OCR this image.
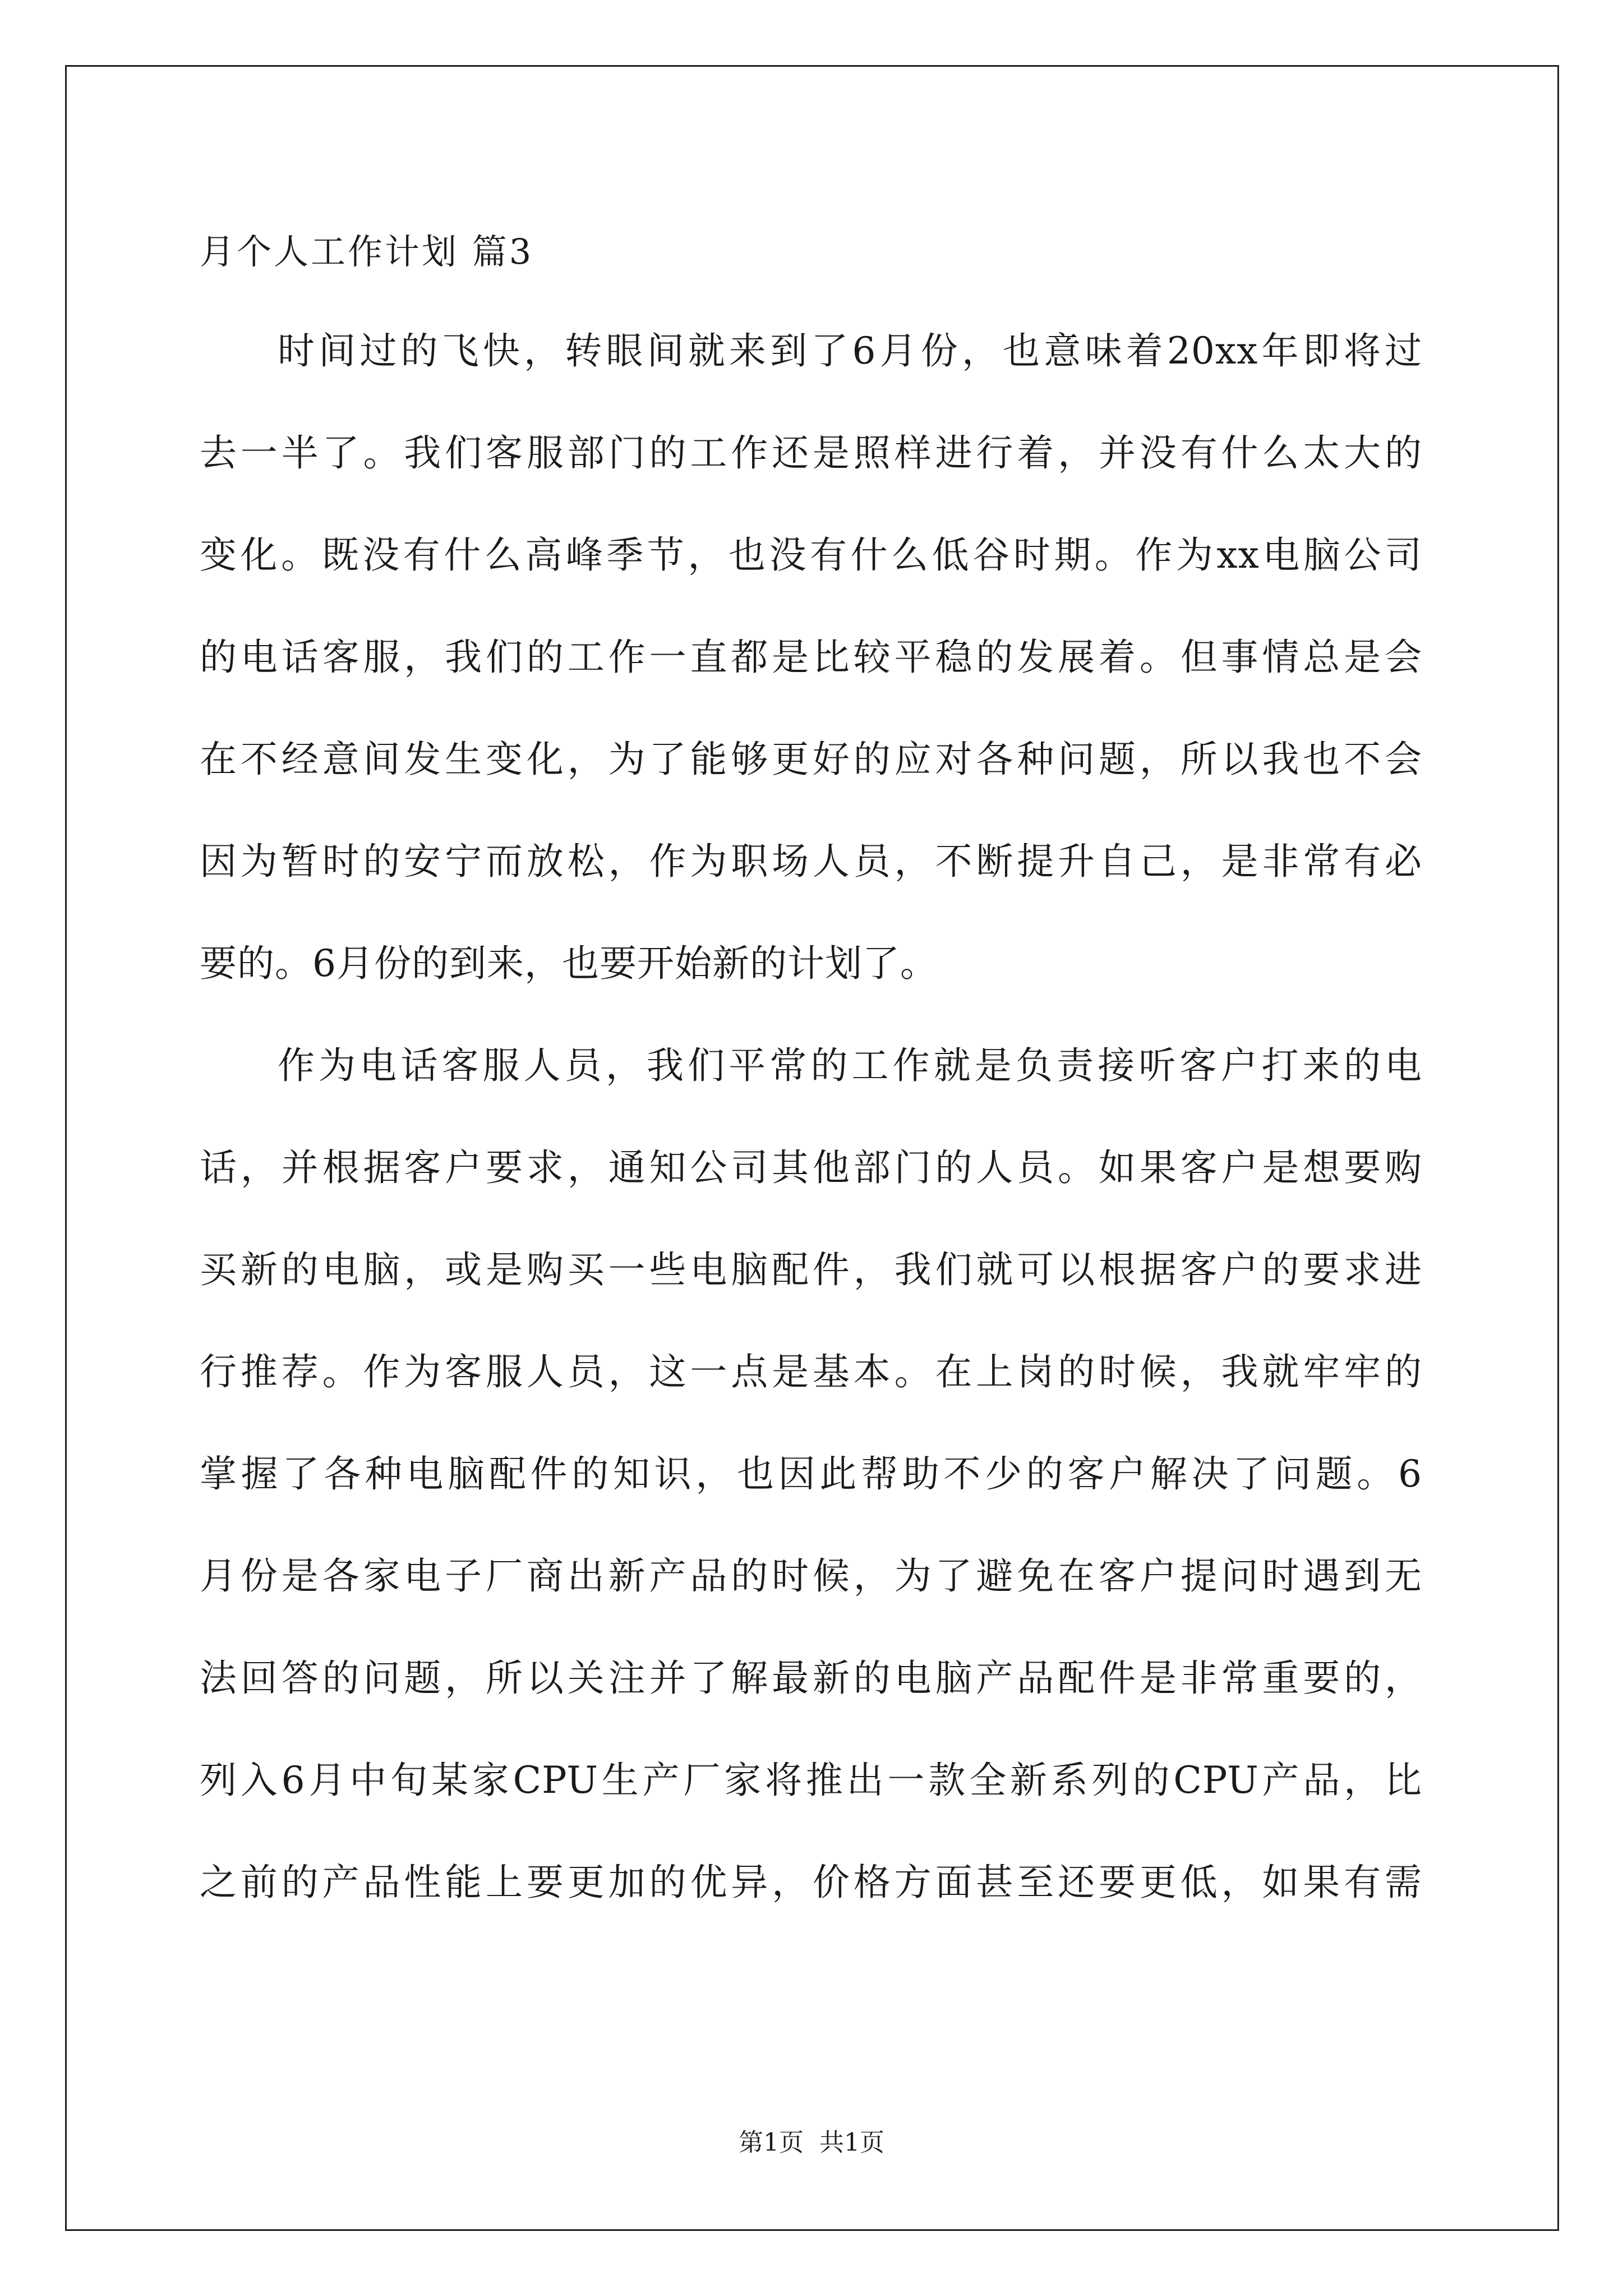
月个人工作计划 篇3
时间过的飞快，转眼间就来到了6月份，也意味着20xx年即将过
去一半了。我们客服部门的工作还是照样进行着，并没有什么太大的
变化。既没有什么高峰季节，也没有什么低谷时期。作为xx电脑公司
的电话客服，我们的工作一直都是比较平稳的发展着。但事情总是会
在不经意间发生变化，为了能够更好的应对各种问题，所以我也不会
因为暂时的安宁而放松，作为职场人员，不断提升自己，是非常有必
要的。6月份的到来，也要开始新的计划了。
作为电话客服人员，我们平常的工作就是负责接听客户打来的电
话，并根据客户要求，通知公司其他部门的人员。如果客户是想要购
买新的电脑，或是购买一些电脑配件，我们就可以根据客户的要求进
行推荐。作为客服人员，这一点是基本。在上岗的时候，我就牢牢的
掌握了各种电脑配件的知识，也因此帮助不少的客户解决了问题。6
月份是各家电子厂商出新产品的时候，为了避免在客户提问时遇到无
法回答的问题，所以关注并了解最新的电脑产品配件是非常重要的，
列入6月中旬某家CPU生产厂家将推出一款全新系列的CPU产品，比
之前的产品性能上要更加的优异，价格方面甚至还要更低，如果有需
第1页  共1页
